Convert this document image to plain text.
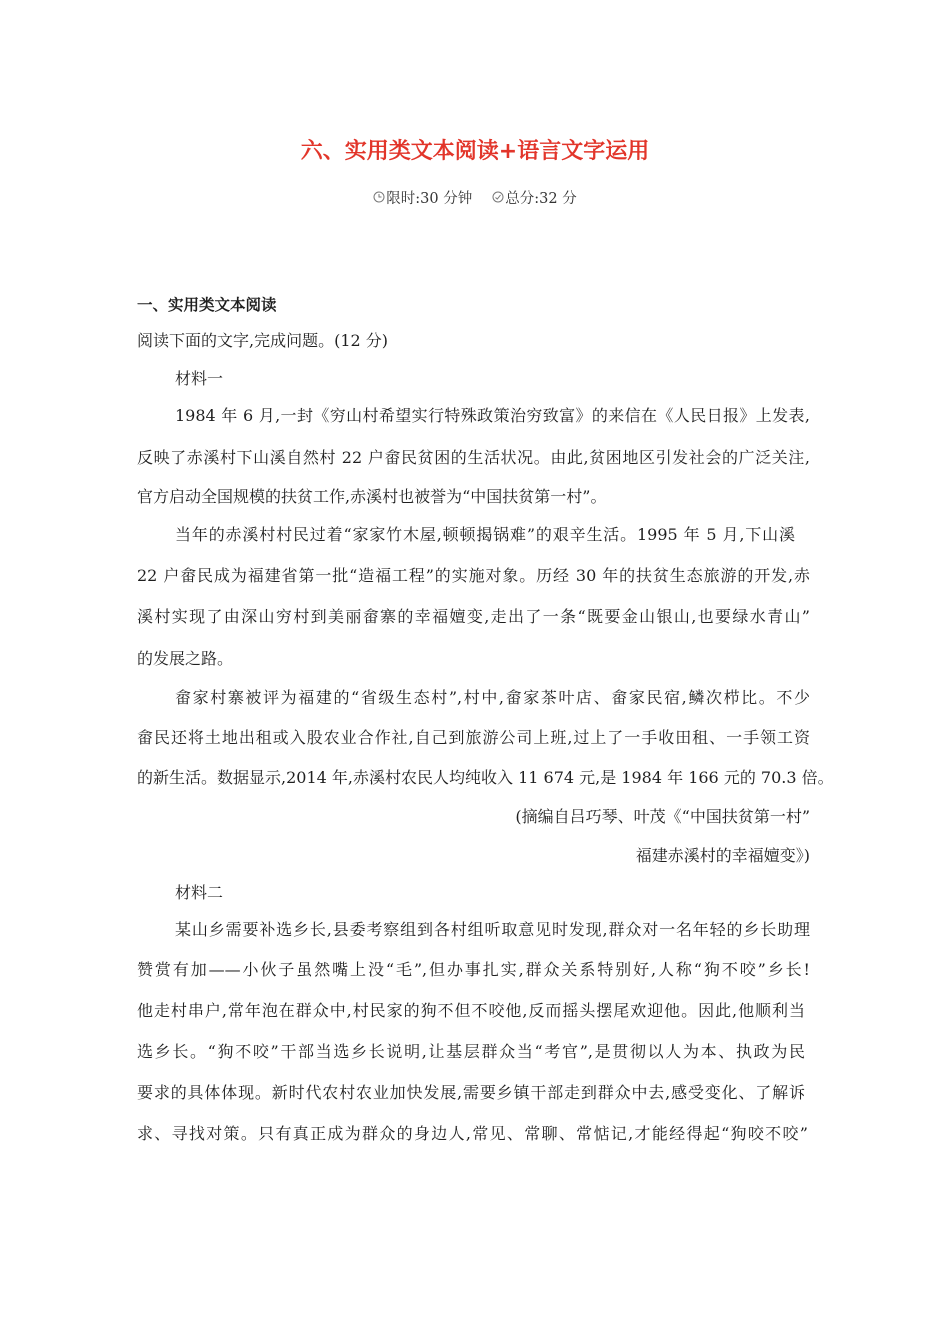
六、实用类文本阅读+语言文字运用
限时:30 分钟 总分:32 分
一、实用类文本阅读
阅读下面的文字,完成问题。(12 分)
材料一
1984 年 6 月,一封《穷山村希望实行特殊政策治穷致富》的来信在《人民日报》上发表,
反映了赤溪村下山溪自然村 22 户畲民贫困的生活状况。由此,贫困地区引发社会的广泛关注,
官方启动全国规模的扶贫工作,赤溪村也被誉为“中国扶贫第一村”。
当年的赤溪村村民过着“家家竹木屋,顿顿揭锅难”的艰辛生活。1995 年 5 月,下山溪
22 户畲民成为福建省第一批“造福工程”的实施对象。历经 30 年的扶贫生态旅游的开发,赤
溪村实现了由深山穷村到美丽畲寨的幸福嬗变,走出了一条“既要金山银山,也要绿水青山”
的发展之路。
畲家村寨被评为福建的“省级生态村”,村中,畲家茶叶店、畲家民宿,鳞次栉比。不少
畲民还将土地出租或入股农业合作社,自己到旅游公司上班,过上了一手收田租、一手领工资
的新生活。数据显示,2014 年,赤溪村农民人均纯收入 11 674 元,是 1984 年 166 元的 70.3 倍。
(摘编自吕巧琴、叶茂《“中国扶贫第一村”
福建赤溪村的幸福嬗变》)
材料二
某山乡需要补选乡长,县委考察组到各村组听取意见时发现,群众对一名年轻的乡长助理
赞赏有加——小伙子虽然嘴上没“毛”,但办事扎实,群众关系特别好,人称“狗不咬”乡长!
他走村串户,常年泡在群众中,村民家的狗不但不咬他,反而摇头摆尾欢迎他。因此,他顺利当
选乡长。“狗不咬”干部当选乡长说明,让基层群众当“考官”,是贯彻以人为本、执政为民
要求的具体体现。新时代农村农业加快发展,需要乡镇干部走到群众中去,感受变化、了解诉
求、寻找对策。只有真正成为群众的身边人,常见、常聊、常惦记,才能经得起“狗咬不咬”
